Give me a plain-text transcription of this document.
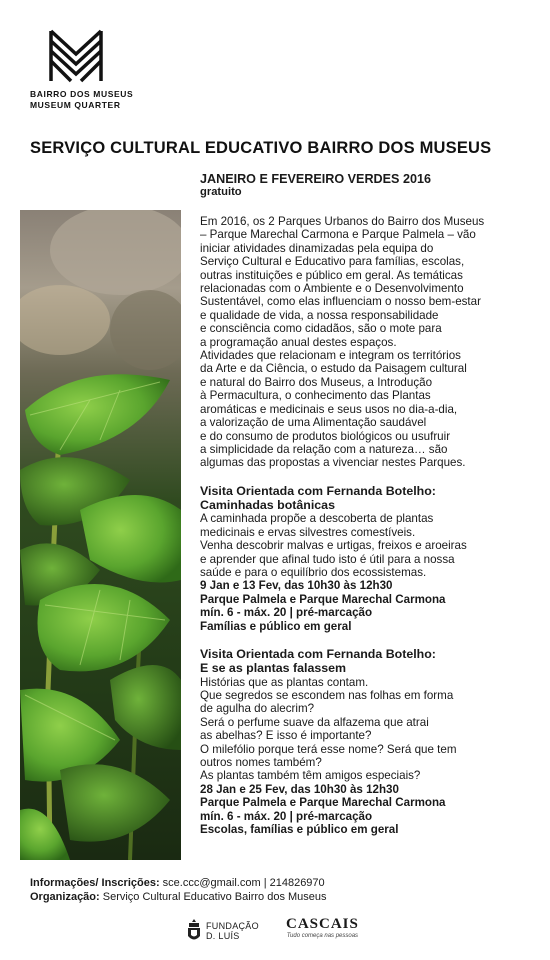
BAIRRO DOS MUSEUS
MUSEUM QUARTER
SERVIÇO CULTURAL EDUCATIVO BAIRRO DOS MUSEUS

JANEIRO E FEVEREIRO VERDES 2016

gratuito

Em 2016, os 2 Parques Urbanos do Bairro dos Museus

– Parque Marechal Carmona e Parque Palmela – vão

iniciar atividades dinamizadas pela equipa do

Serviço Cultural e Educativo para famílias, escolas,

outras instituições e público em geral. As temáticas

relacionadas com o Ambiente e o Desenvolvimento

Sustentável, como elas influenciam o nosso bem-estar

e qualidade de vida, a nossa responsabilidade

e consciência como cidadãos, são o mote para

a programação anual destes espaços.

Atividades que relacionam e integram os territórios

da Arte e da Ciência, o estudo da Paisagem cultural

e natural do Bairro dos Museus, a Introdução

à Permacultura, o conhecimento das Plantas

aromáticas e medicinais e seus usos no dia-a-dia,

a valorização de uma Alimentação saudável

e do consumo de produtos biológicos ou usufruir

a simplicidade da relação com a natureza… são

algumas das propostas a vivenciar nestes Parques.

Visita Orientada com Fernanda Botelho:

Caminhadas botânicas

A caminhada propõe a descoberta de plantas

medicinais e ervas silvestres comestíveis.

Venha descobrir malvas e urtigas, freixos e aroeiras

e aprender que afinal tudo isto é útil para a nossa

saúde e para o equilíbrio dos ecossistemas.

9 Jan e 13 Fev, das 10h30 às 12h30

Parque Palmela e Parque Marechal Carmona

mín. 6 - máx. 20 | pré-marcação

Famílias e público em geral

Visita Orientada com Fernanda Botelho:

E se as plantas falassem

Histórias que as plantas contam.

Que segredos se escondem nas folhas em forma

de agulha do alecrim?

Será o perfume suave da alfazema que atrai

as abelhas? E isso é importante?

O milefólio porque terá esse nome? Será que tem

outros nomes também?

As plantas também têm amigos especiais?

28 Jan e 25 Fev, das 10h30 às 12h30

Parque Palmela e Parque Marechal Carmona

mín. 6 - máx. 20 | pré-marcação

Escolas, famílias e público em geral

Informações/ Inscrições: sce.ccc@gmail.com | 214826970
Organização: Serviço Cultural Educativo Bairro dos Museus
FUNDAÇÃO
D. LUÍS
CASCAIS
Tudo começa nas pessoas
